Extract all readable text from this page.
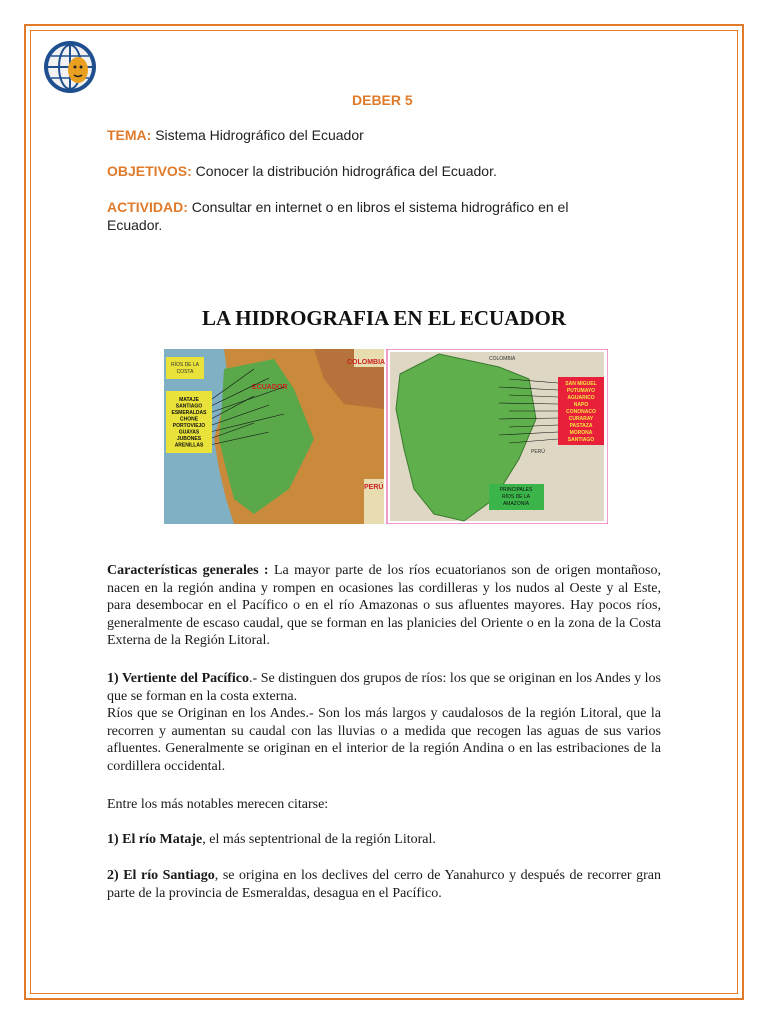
DEBER 5
TEMA: Sistema Hidrográfico del Ecuador
OBJETIVOS: Conocer la distribución hidrográfica del Ecuador.
ACTIVIDAD: Consultar en internet o en libros el sistema hidrográfico en el Ecuador.
LA HIDROGRAFIA EN EL ECUADOR
COLOMBIA
ECUADOR
PERÚ
RÍOS DE LA
COSTA
MATAJE
SANTIAGO
ESMERALDAS
CHONE
PORTOVIEJO
GUAYAS
JUBONES
ARENILLAS
COLOMBIA
PERÚ
SAN MIGUEL
PUTUMAYO
AGUARICO
NAPO
CONONACO
CURARAY
PASTAZA
MORONA
SANTIAGO
PRINCIPALES
RÍOS DE LA
AMAZONÍA
Características generales : La mayor parte de los ríos ecuatorianos son de origen montañoso, nacen en la región andina y rompen en ocasiones las cordilleras y los nudos al Oeste y al Este, para desembocar en el Pacífico o en el río Amazonas o sus afluentes mayores. Hay pocos ríos, generalmente de escaso caudal, que se forman en las planicies del Oriente o en la zona de la Costa Externa de la Región Litoral.
1) Vertiente del Pacífico.- Se distinguen dos grupos de ríos: los que se originan en los Andes y los que se forman en la costa externa.
Ríos que se Originan en los Andes.- Son los más largos y caudalosos de la región Litoral, que la recorren y aumentan su caudal con las lluvias o a medida que recogen las aguas de sus varios afluentes. Generalmente se originan en el interior de la región Andina o en las estribaciones de la cordillera occidental.
Entre los más notables merecen citarse:
1) El río Mataje, el más septentrional de la región Litoral.
2) El río Santiago, se origina en los declives del cerro de Yanahurco y después de recorrer gran parte de la provincia de Esmeraldas, desagua en el Pacífico.
